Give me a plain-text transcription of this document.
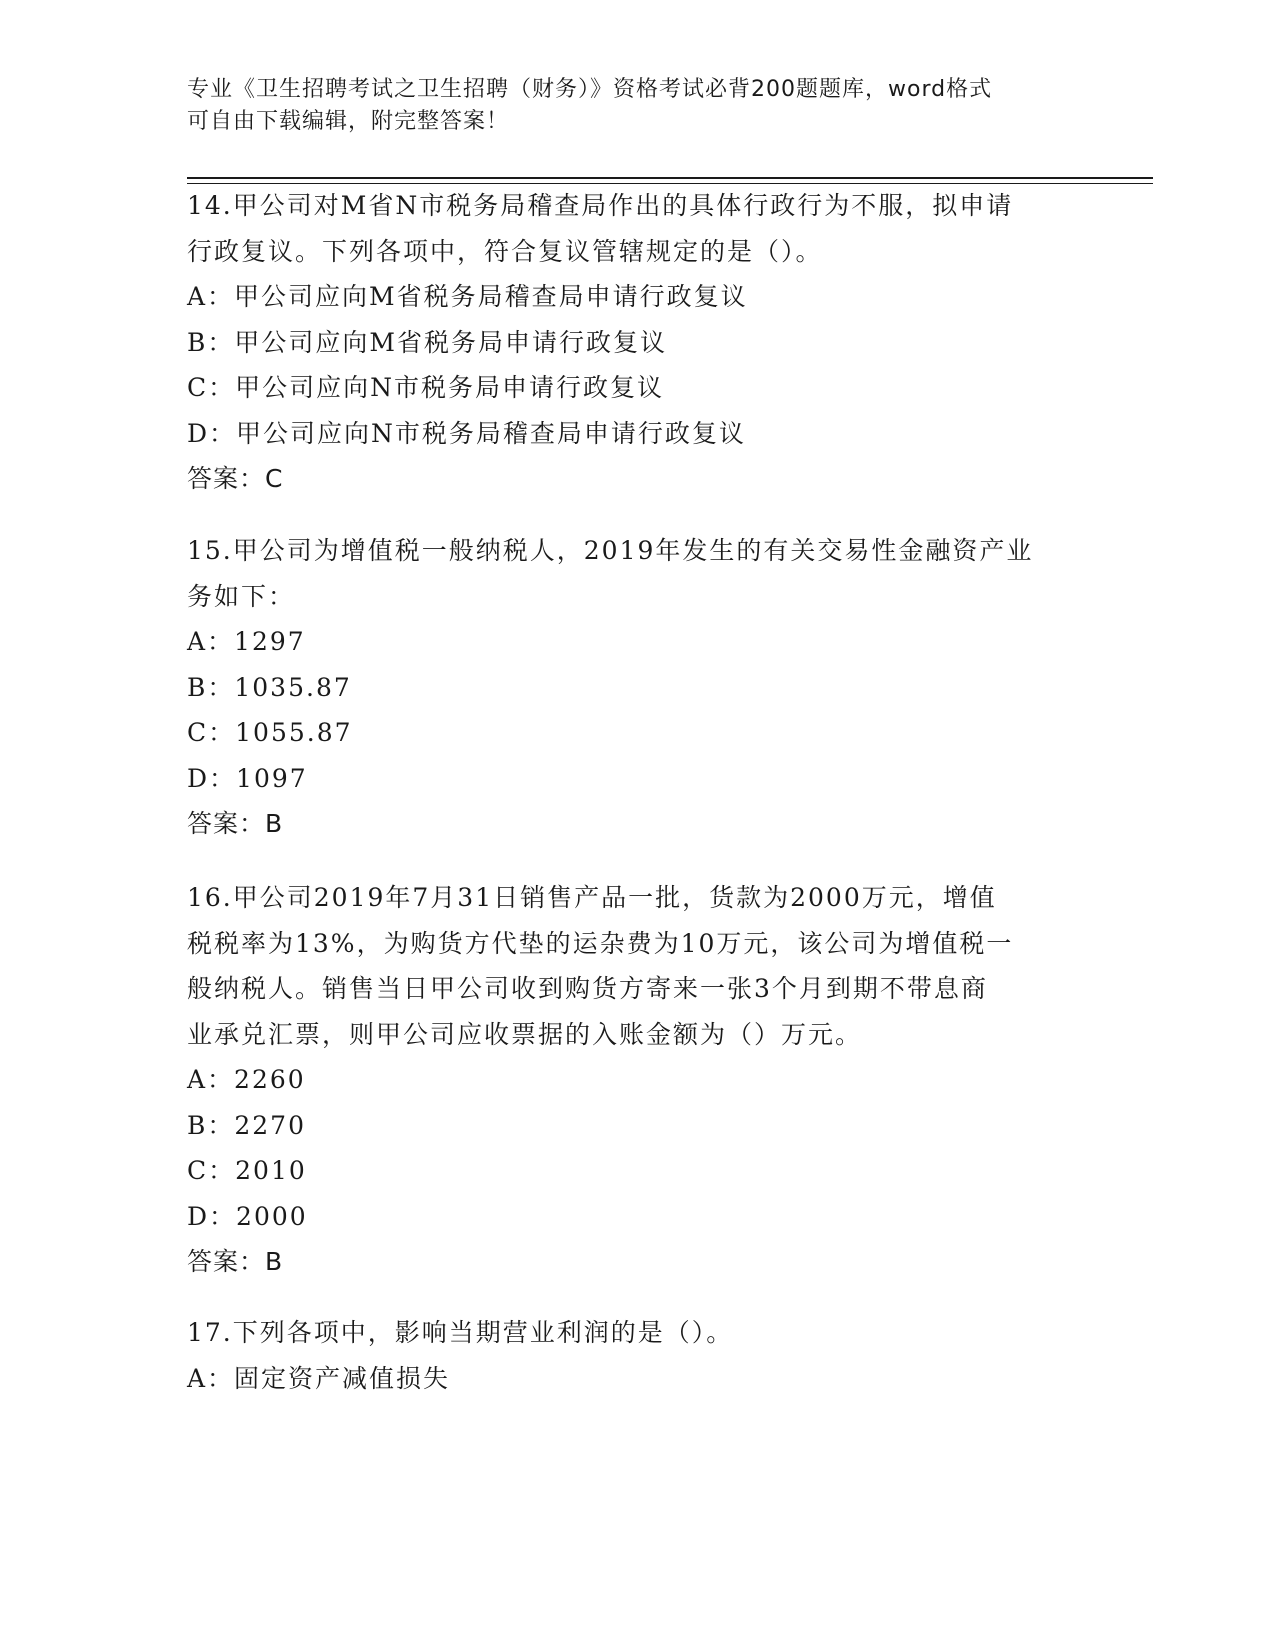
专业《卫生招聘考试之卫生招聘（财务）》资格考试必背200题题库，word格式
可自由下载编辑，附完整答案！
14.甲公司对M省N市税务局稽查局作出的具体行政行为不服，拟申请
行政复议。下列各项中，符合复议管辖规定的是（）。
A：甲公司应向M省税务局稽查局申请行政复议
B：甲公司应向M省税务局申请行政复议
C：甲公司应向N市税务局申请行政复议
D：甲公司应向N市税务局稽查局申请行政复议
答案：C
15.甲公司为增值税一般纳税人，2019年发生的有关交易性金融资产业
务如下：
A：1297
B：1035.87
C：1055.87
D：1097
答案：B
16.甲公司2019年7月31日销售产品一批，货款为2000万元，增值
税税率为13%，为购货方代垫的运杂费为10万元，该公司为增值税一
般纳税人。销售当日甲公司收到购货方寄来一张3个月到期不带息商
业承兑汇票，则甲公司应收票据的入账金额为（）万元。
A：2260
B：2270
C：2010
D：2000
答案：B
17.下列各项中，影响当期营业利润的是（）。
A：固定资产减值损失
